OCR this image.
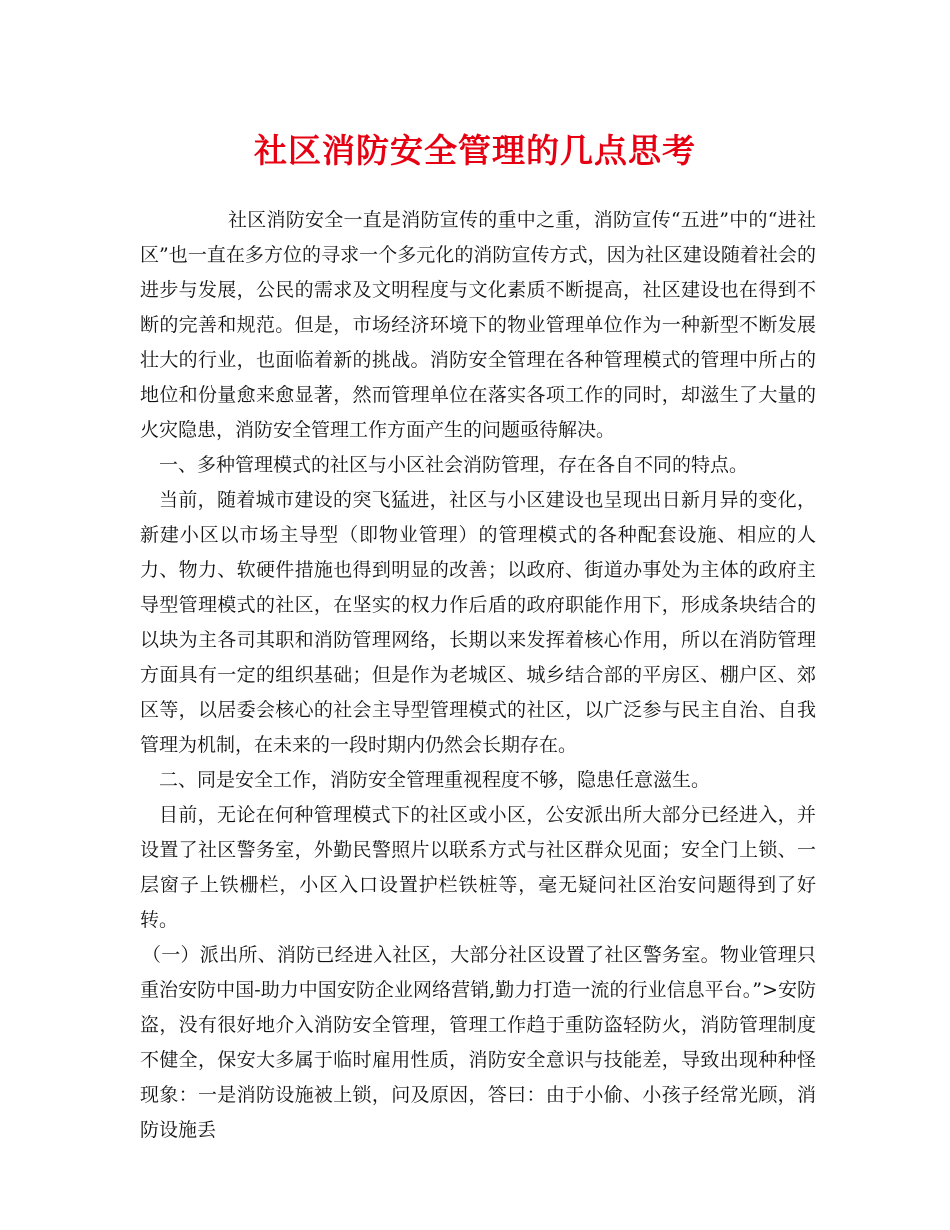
社区消防安全管理的几点思考

社区消防安全一直是消防宣传的重中之重，消防宣传“五进”中的“进社区”也一直在多方位的寻求一个多元化的消防宣传方式，因为社区建设随着社会的进步与发展，公民的需求及文明程度与文化素质不断提高，社区建设也在得到不断的完善和规范。但是，市场经济环境下的物业管理单位作为一种新型不断发展壮大的行业，也面临着新的挑战。消防安全管理在各种管理模式的管理中所占的地位和份量愈来愈显著，然而管理单位在落实各项工作的同时，却滋生了大量的火灾隐患，消防安全管理工作方面产生的问题亟待解决。

一、多种管理模式的社区与小区社会消防管理，存在各自不同的特点。

当前，随着城市建设的突飞猛进，社区与小区建设也呈现出日新月异的变化，新建小区以市场主导型（即物业管理）的管理模式的各种配套设施、相应的人力、物力、软硬件措施也得到明显的改善；以政府、街道办事处为主体的政府主导型管理模式的社区，在坚实的权力作后盾的政府职能作用下，形成条块结合的以块为主各司其职和消防管理网络，长期以来发挥着核心作用，所以在消防管理方面具有一定的组织基础；但是作为老城区、城乡结合部的平房区、棚户区、郊区等，以居委会核心的社会主导型管理模式的社区，以广泛参与民主自治、自我管理为机制，在未来的一段时期内仍然会长期存在。

二、同是安全工作，消防安全管理重视程度不够，隐患任意滋生。

目前，无论在何种管理模式下的社区或小区，公安派出所大部分已经进入，并设置了社区警务室，外勤民警照片以联系方式与社区群众见面；安全门上锁、一层窗子上铁栅栏，小区入口设置护栏铁桩等，毫无疑问社区治安问题得到了好转。

（一）派出所、消防已经进入社区，大部分社区设置了社区警务室。物业管理只重治安防中国-助力中国安防企业网络营销,勤力打造一流的行业信息平台。”>安防盗，没有很好地介入消防安全管理，管理工作趋于重防盗轻防火，消防管理制度不健全，保安大多属于临时雇用性质，消防安全意识与技能差，导致出现种种怪现象：一是消防设施被上锁，问及原因，答曰：由于小偷、小孩子经常光顾，消防设施丢
